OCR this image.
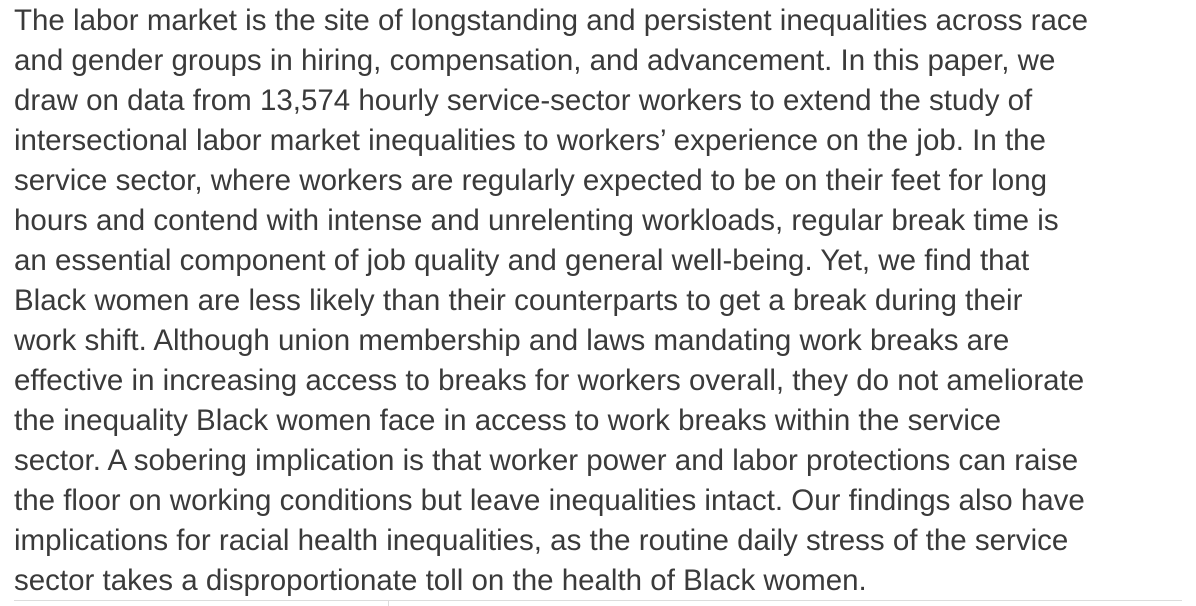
The labor market is the site of longstanding and persistent inequalities across race
and gender groups in hiring, compensation, and advancement. In this paper, we
draw on data from 13,574 hourly service-sector workers to extend the study of
intersectional labor market inequalities to workers’ experience on the job. In the
service sector, where workers are regularly expected to be on their feet for long
hours and contend with intense and unrelenting workloads, regular break time is
an essential component of job quality and general well-being. Yet, we find that
Black women are less likely than their counterparts to get a break during their
work shift. Although union membership and laws mandating work breaks are
effective in increasing access to breaks for workers overall, they do not ameliorate
the inequality Black women face in access to work breaks within the service
sector. A sobering implication is that worker power and labor protections can raise
the floor on working conditions but leave inequalities intact. Our findings also have
implications for racial health inequalities, as the routine daily stress of the service
sector takes a disproportionate toll on the health of Black women.
